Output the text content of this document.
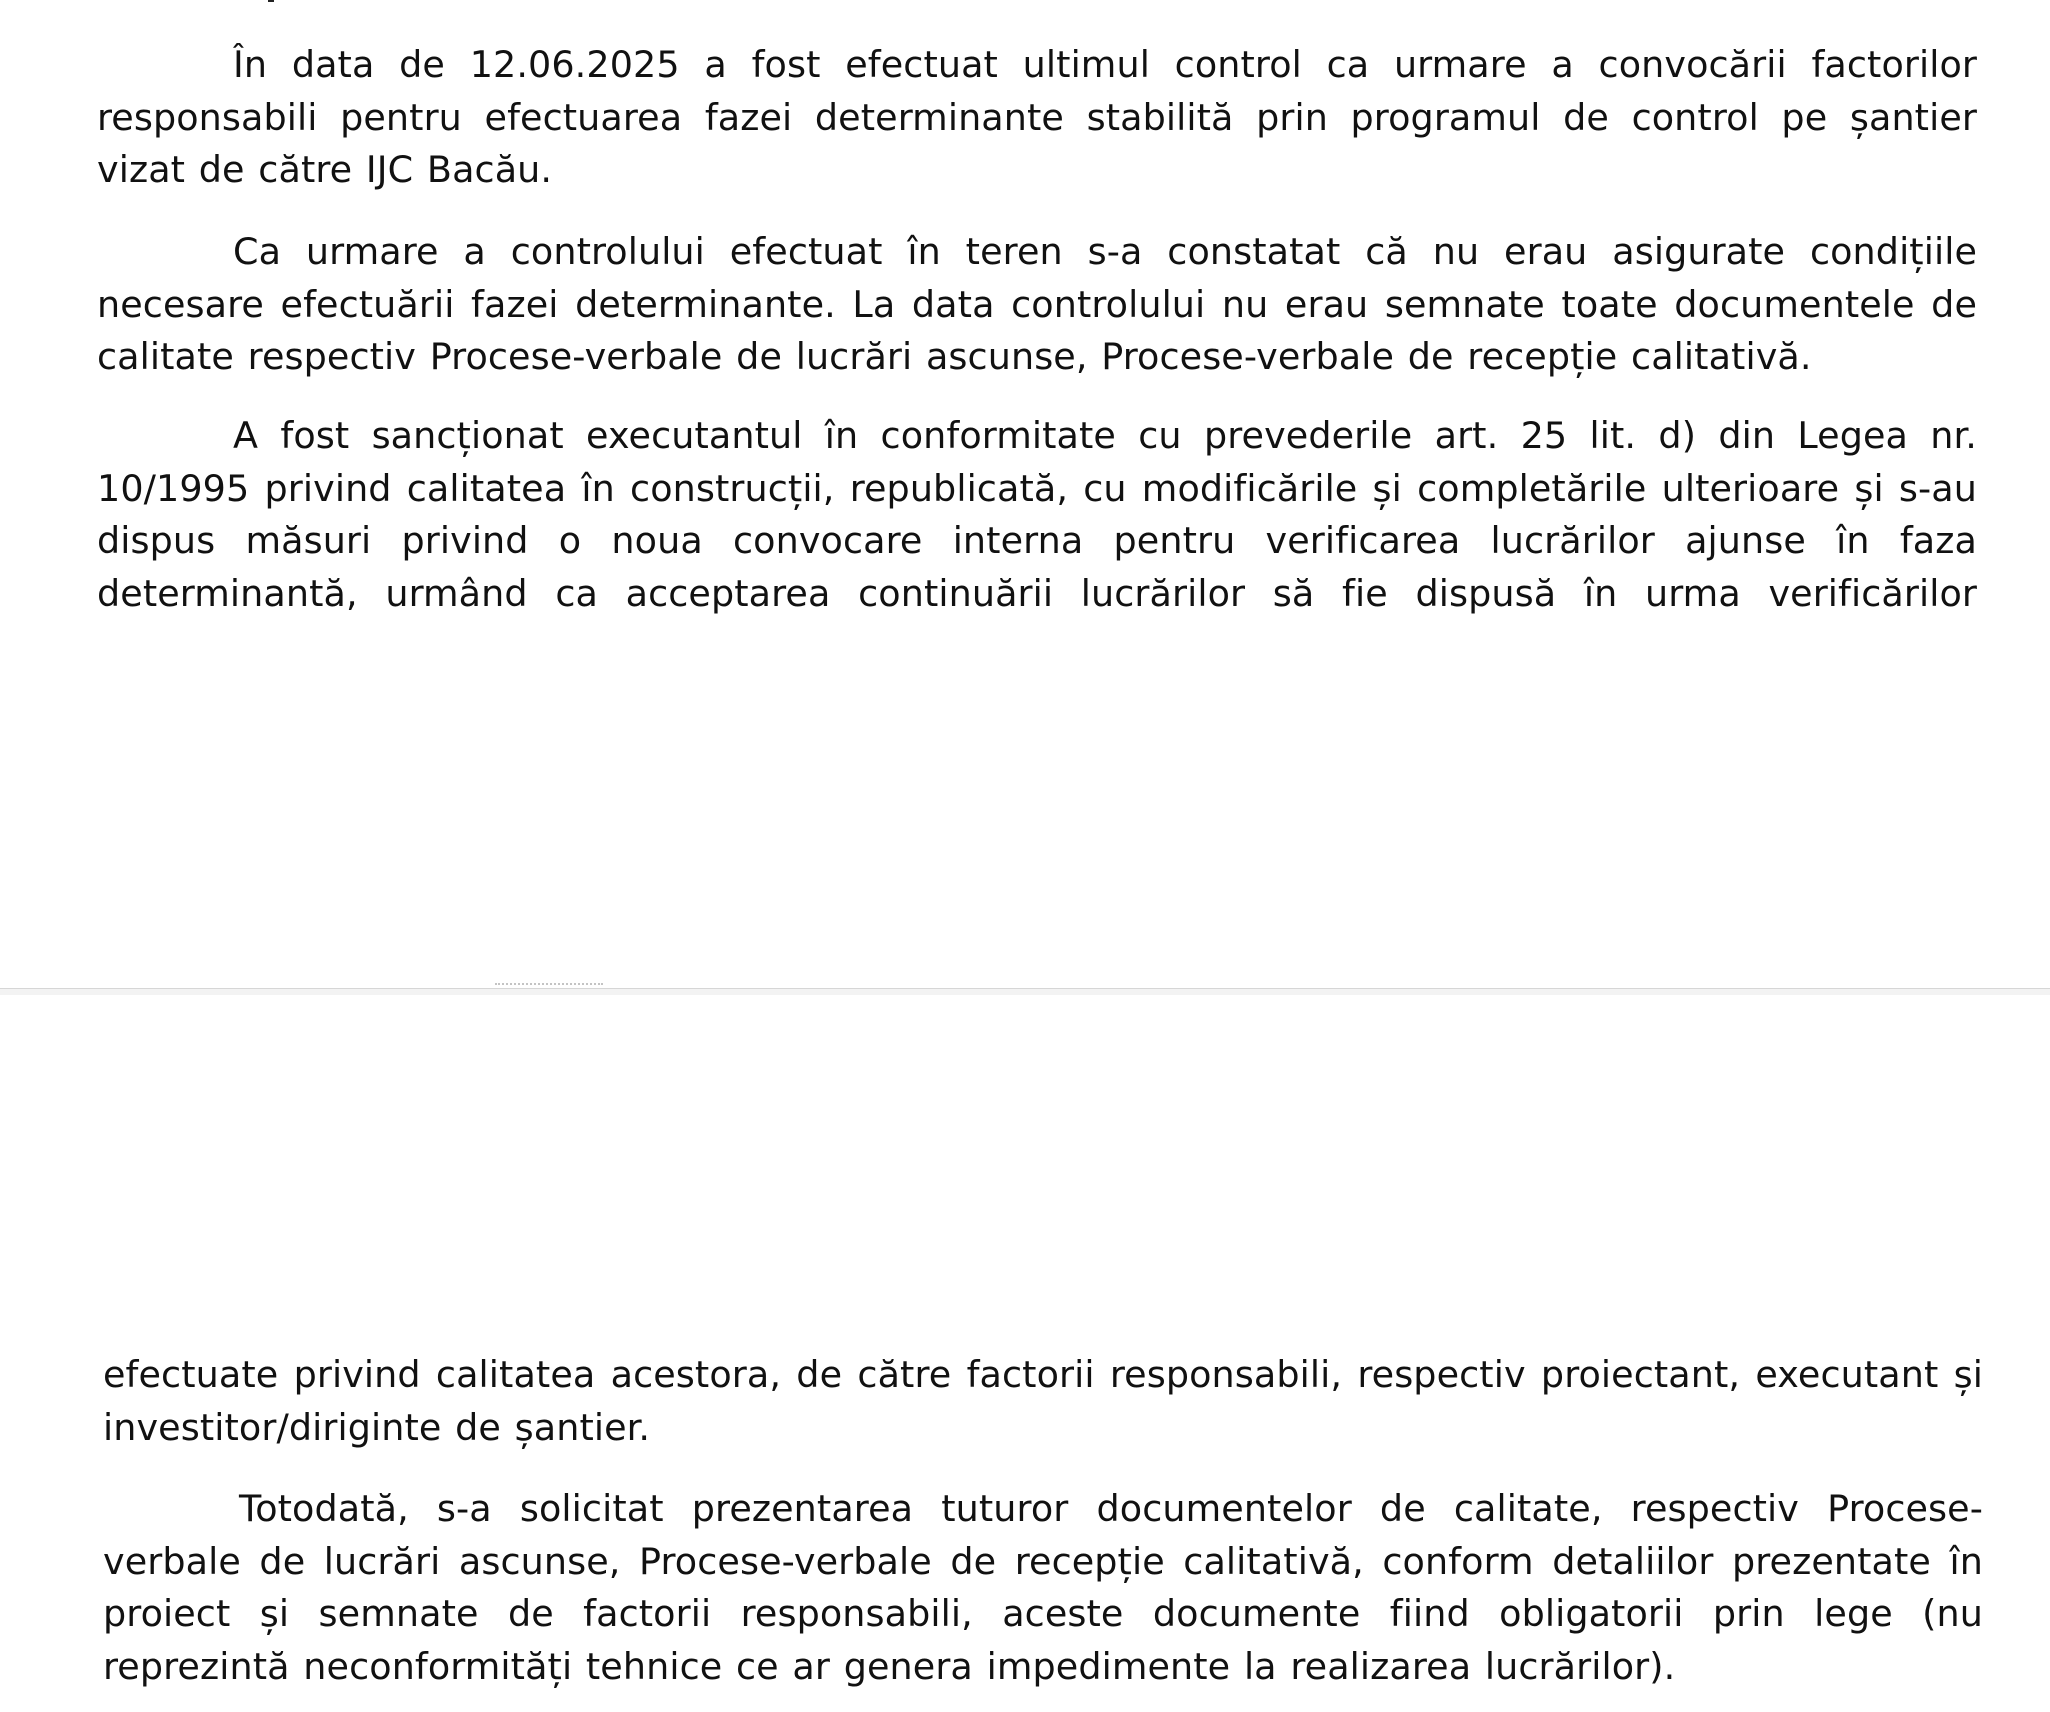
În data de 12.06.2025 a fost efectuat ultimul control ca urmare a convocării factorilor responsabili pentru efectuarea fazei determinante stabilită prin programul de control pe șantier vizat de către IJC Bacău.

Ca urmare a controlului efectuat în teren s-a constatat că nu erau asigurate condițiile necesare efectuării fazei determinante. La data controlului nu erau semnate toate documentele de calitate respectiv Procese-verbale de lucrări ascunse, Procese-verbale de recepție calitativă.

A fost sancționat executantul în conformitate cu prevederile art. 25 lit. d) din Legea nr. 10/1995 privind calitatea în construcții, republicată, cu modificările și completările ulterioare și s-au dispus măsuri privind o noua convocare interna pentru verificarea lucrărilor ajunse în faza determinantă, urmând ca acceptarea continuării lucrărilor să fie dispusă în urma verificărilor

efectuate privind calitatea acestora, de către factorii responsabili, respectiv proiectant, executant și investitor/diriginte de șantier.

Totodată, s-a solicitat prezentarea tuturor documentelor de calitate, respectiv Procese-verbale de lucrări ascunse, Procese-verbale de recepție calitativă, conform detaliilor prezentate în proiect și semnate de factorii responsabili, aceste documente fiind obligatorii prin lege (nu reprezintă neconformități tehnice ce ar genera impedimente la realizarea lucrărilor).
